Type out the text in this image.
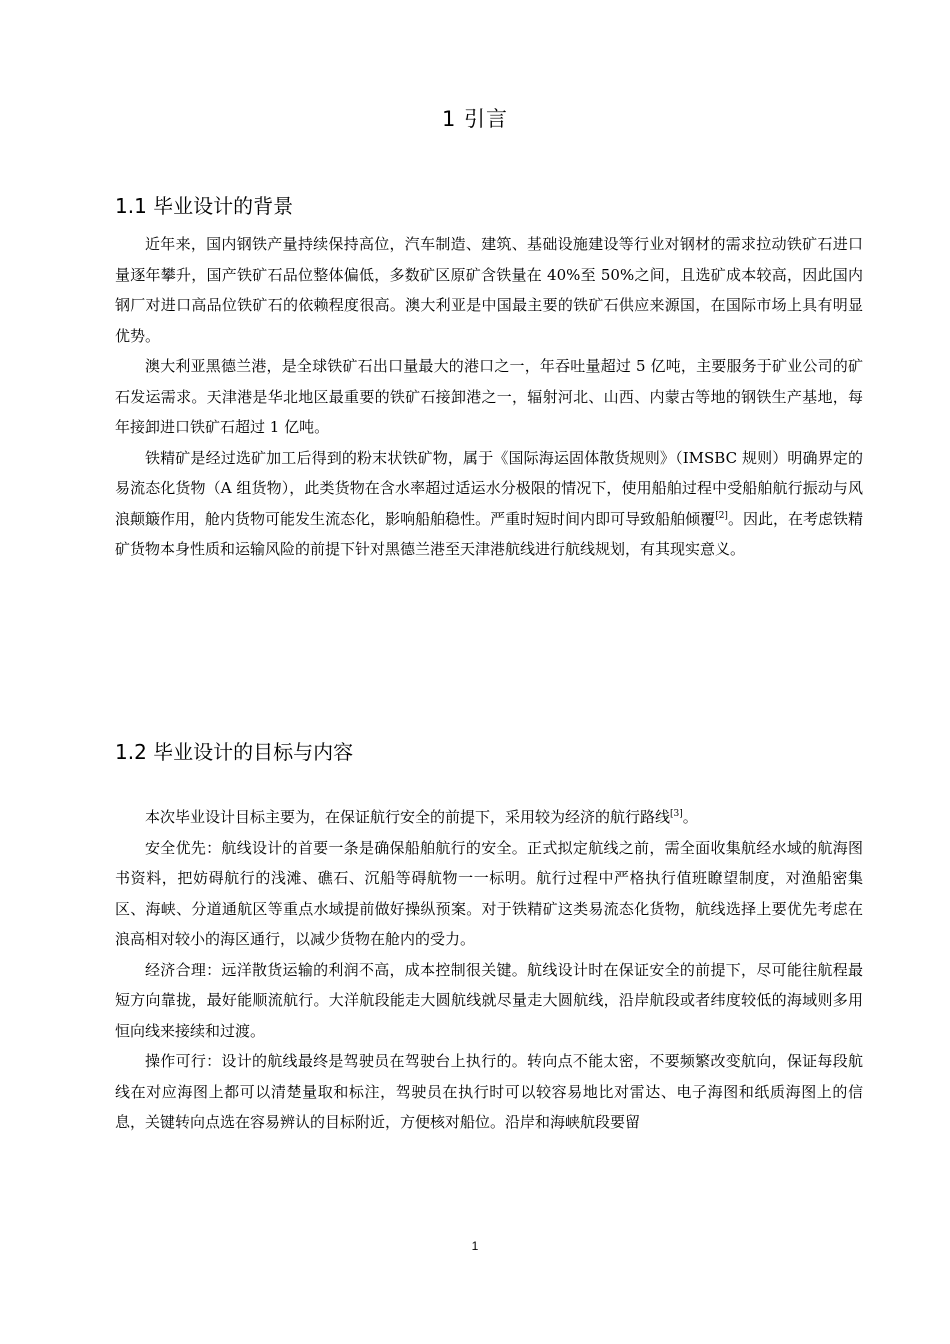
1 引言
1.1 毕业设计的背景

近年来，国内钢铁产量持续保持高位，汽车制造、建筑、基础设施建设等行业对钢材的需求拉动铁矿石进口量逐年攀升，国产铁矿石品位整体偏低，多数矿区原矿含铁量在 40%至 50%之间，且选矿成本较高，因此国内钢厂对进口高品位铁矿石的依赖程度很高。澳大利亚是中国最主要的铁矿石供应来源国，在国际市场上具有明显优势。

澳大利亚黑德兰港，是全球铁矿石出口量最大的港口之一，年吞吐量超过 5 亿吨，主要服务于矿业公司的矿石发运需求。天津港是华北地区最重要的铁矿石接卸港之一，辐射河北、山西、内蒙古等地的钢铁生产基地，每年接卸进口铁矿石超过 1 亿吨。

铁精矿是经过选矿加工后得到的粉末状铁矿物，属于《国际海运固体散货规则》（IMSBC 规则）明确界定的易流态化货物（A 组货物），此类货物在含水率超过适运水分极限的情况下，使用船舶过程中受船舶航行振动与风浪颠簸作用，舱内货物可能发生流态化，影响船舶稳性。严重时短时间内即可导致船舶倾覆[2]。因此，在考虑铁精矿货物本身性质和运输风险的前提下针对黑德兰港至天津港航线进行航线规划，有其现实意义。

1.2 毕业设计的目标与内容

本次毕业设计目标主要为，在保证航行安全的前提下，采用较为经济的航行路线[3]。

安全优先：航线设计的首要一条是确保船舶航行的安全。正式拟定航线之前，需全面收集航经水域的航海图书资料，把妨碍航行的浅滩、礁石、沉船等碍航物一一标明。航行过程中严格执行值班瞭望制度，对渔船密集区、海峡、分道通航区等重点水域提前做好操纵预案。对于铁精矿这类易流态化货物，航线选择上要优先考虑在浪高相对较小的海区通行，以减少货物在舱内的受力。

经济合理：远洋散货运输的利润不高，成本控制很关键。航线设计时在保证安全的前提下，尽可能往航程最短方向靠拢，最好能顺流航行。大洋航段能走大圆航线就尽量走大圆航线，沿岸航段或者纬度较低的海域则多用恒向线来接续和过渡。

操作可行：设计的航线最终是驾驶员在驾驶台上执行的。转向点不能太密，不要频繁改变航向，保证每段航线在对应海图上都可以清楚量取和标注，驾驶员在执行时可以较容易地比对雷达、电子海图和纸质海图上的信息，关键转向点选在容易辨认的目标附近，方便核对船位。沿岸和海峡航段要留

1
